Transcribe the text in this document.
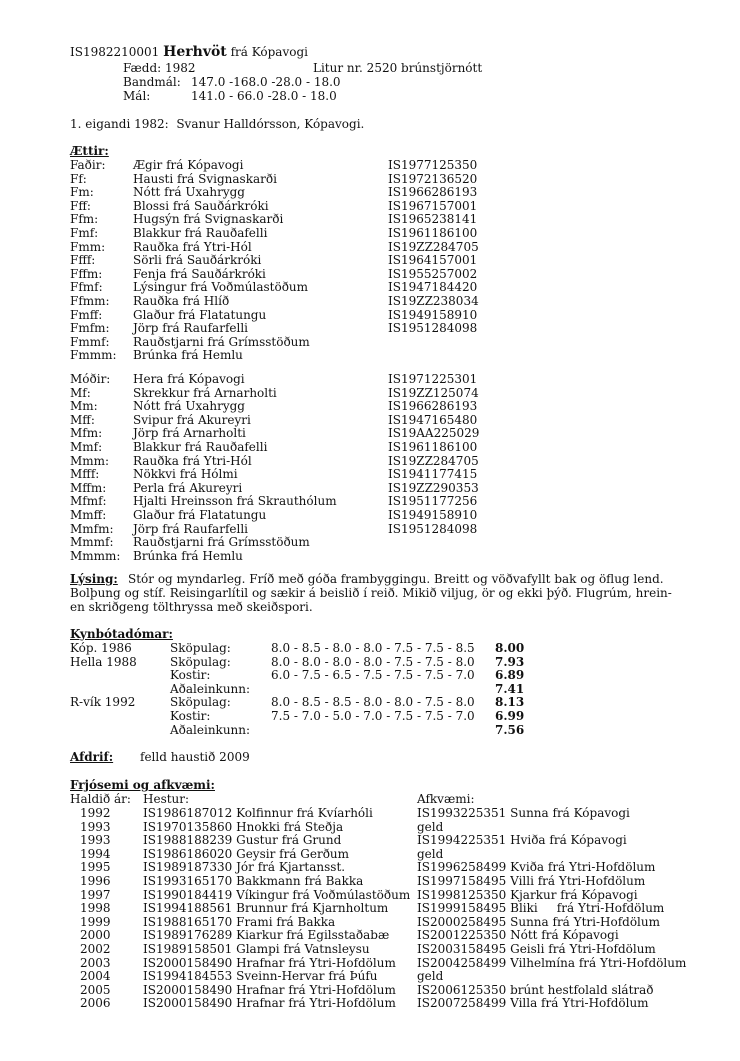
IS1982210001 Herhvöt frá Kópavogi
Fædd: 1982	Litur nr. 2520 brúnstjörnótt
Bandmál: 147.0 -168.0 -28.0 - 18.0
Mál:	141.0 - 66.0 -28.0 - 18.0
1. eigandi 1982:  Svanur Halldórsson, Kópavogi.
Ættir:
Faðir: Ægir frá Kópavogi	IS1977125350
Ff:	Hausti frá Svignaskarði	IS1972136520
Fm:	Nótt frá Uxahrygg	IS1966286193
Fff:	Blossi frá Sauðárkróki	IS1967157001
Ffm:	Hugsýn frá Svignaskarði	IS1965238141
Fmf:	Blakkur frá Rauðafelli	IS1961186100
Fmm: Rauðka frá Ytri-Hól	IS19ZZ284705
Ffff:	Sörli frá Sauðárkróki	IS1964157001
Fffm:	Fenja frá Sauðárkróki	IS1955257002
Ffmf:	Lýsingur frá Voðmúlastöðum	IS1947184420
Ffmm: Rauðka frá Hlíð	IS19ZZ238034
Fmff:	Glaður frá Flatatungu	IS1949158910
Fmfm: Jörp frá Raufarfelli	IS1951284098
Fmmf: Rauðstjarni frá Grímsstöðum
Fmmm: Brúnka frá Hemlu
Móðir: Hera frá Kópavogi	IS1971225301
Mf:	Skrekkur frá Arnarholti	IS19ZZ125074
Mm:	Nótt frá Uxahrygg	IS1966286193
Mff:	Svipur frá Akureyri	IS1947165480
Mfm:	Jörp frá Arnarholti	IS19AA225029
Mmf:	Blakkur frá Rauðafelli	IS1961186100
Mmm: Rauðka frá Ytri-Hól	IS19ZZ284705
Mfff:	Nökkvi frá Hólmi	IS1941177415
Mffm: Perla frá Akureyri	IS19ZZ290353
Mfmf: Hjalti Hreinsson frá Skrauthólum	IS1951177256
Mmff: Glaður frá Flatatungu	IS1949158910
Mmfm: Jörp frá Raufarfelli	IS1951284098
Mmmf: Rauðstjarni frá Grímsstöðum
Mmmm: Brúnka frá Hemlu
Lýsing: Stór og myndarleg. Fríð með góða frambyggingu. Breitt og vöðvafyllt bak og öflug lend.
Bolþung og stíf. Reisingarlítil og sækir á beislið í reið. Mikið viljug, ör og ekki þýð. Flugrúm, hrein-
en skriðgeng tölthryssa með skeiðspori.
Kynbótadómar:
Kóp. 1986	Sköpulag:	8.0 - 8.5 - 8.0 - 8.0 - 7.5 - 7.5 - 8.5 8.00
Hella 1988	Sköpulag:	8.0 - 8.0 - 8.0 - 8.0 - 7.5 - 7.5 - 8.0 7.93
Kostir:	6.0 - 7.5 - 6.5 - 7.5 - 7.5 - 7.5 - 7.0 6.89
Aðaleinkunn:	7.41
R-vík 1992	Sköpulag:	8.0 - 8.5 - 8.5 - 8.0 - 8.0 - 7.5 - 8.0 8.13
Kostir:	7.5 - 7.0 - 5.0 - 7.0 - 7.5 - 7.5 - 7.0 6.99
Aðaleinkunn:	7.56
Afdrif: felld haustið 2009
Frjósemi og afkvæmi:
Haldið ár: Hestur:	Afkvæmi:
1992	IS1986187012 Kolfinnur frá Kvíarhóli	IS1993225351 Sunna frá Kópavogi
1993	IS1970135860 Hnokki frá Steðja	geld
1993	IS1988188239 Gustur frá Grund	IS1994225351 Hviða frá Kópavogi
1994	IS1986186020 Geysir frá Gerðum	geld
1995	IS1989187330 Jór frá Kjartansst.	IS1996258499 Kviða frá Ytri-Hofdölum
1996	IS1993165170 Bakkmann frá Bakka	IS1997158495 Villi frá Ytri-Hofdölum
1997	IS1990184419 Víkingur frá Voðmúlastöðum IS1998125350 Kjarkur frá Kópavogi
1998	IS1994188561 Brunnur frá Kjarnholtum IS1999158495 Bliki     frá Ytri-Hofdölum
1999	IS1988165170 Frami frá Bakka	IS2000258495 Sunna frá Ytri-Hofdölum
2000	IS1989176289 Kiarkur frá Egilsstaðabæ IS2001225350 Nótt frá Kópavogi
2002	IS1989158501 Glampi frá Vatnsleysu	IS2003158495 Geisli frá Ytri-Hofdölum
2003	IS2000158490 Hrafnar frá Ytri-Hofdölum IS2004258499 Vilhelmína frá Ytri-Hofdölum
2004	IS1994184553 Sveinn-Hervar frá Þúfu	geld
2005	IS2000158490 Hrafnar frá Ytri-Hofdölum IS2006125350 brúnt hestfolald slátrað
2006	IS2000158490 Hrafnar frá Ytri-Hofdölum IS2007258499 Villa frá Ytri-Hofdölum
